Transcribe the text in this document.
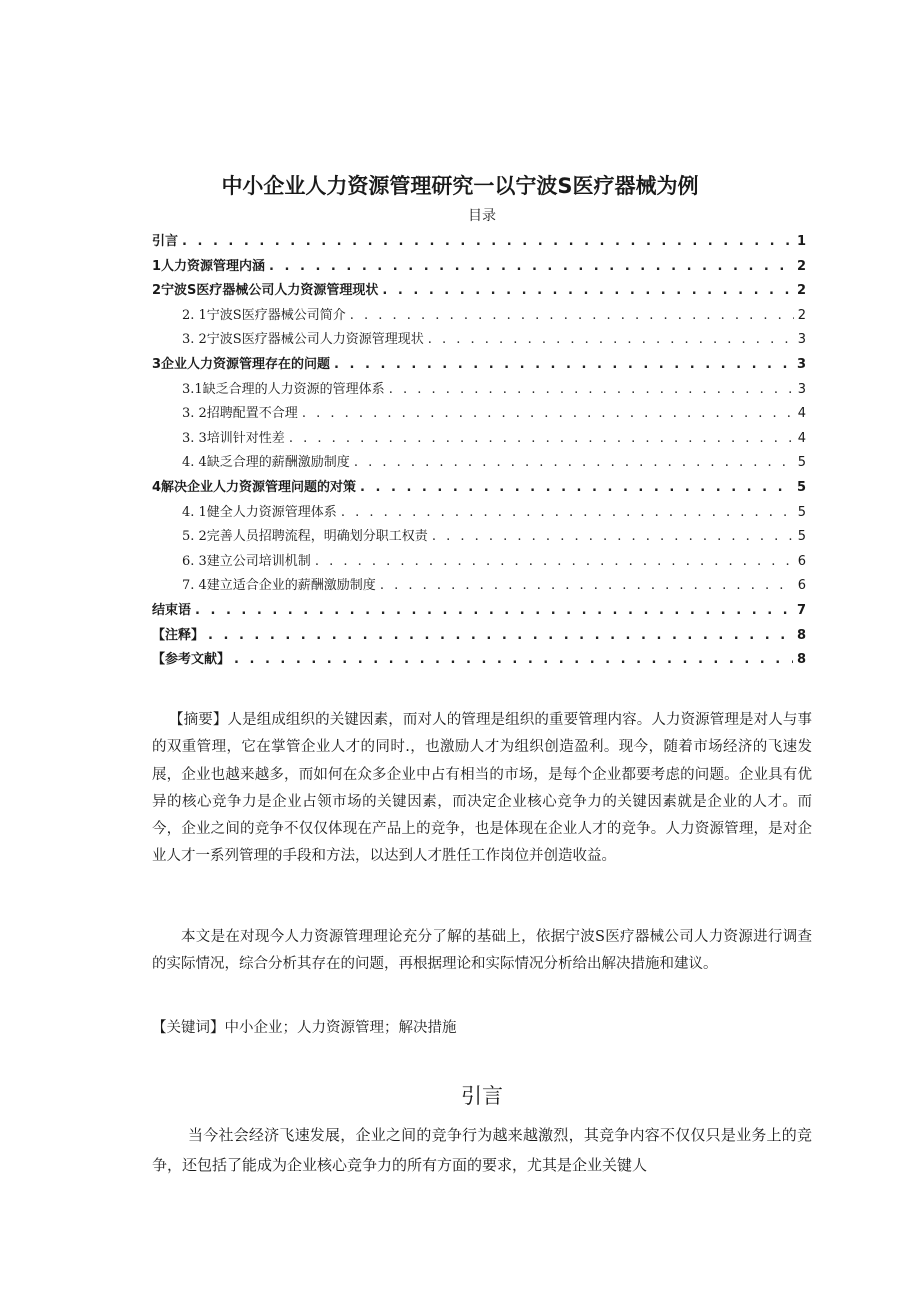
中小企业人力资源管理研究一以宁波S医疗器械为例
目录
引言 . . .	1
1人力资源管理内涵 . . .	2
2宁波S医疗器械公司人力资源管理现状 . . .	2
2. 1宁波S医疗器械公司简介 . . .	2
3. 2宁波S医疗器械公司人力资源管理现状 . . .	3
3企业人力资源管理存在的问题 . . .	3
3.1缺乏合理的人力资源的管理体系 . . .	3
3. 2招聘配置不合理 . . .	4
3. 3培训针对性差 . . .	4
4. 4缺乏合理的薪酬激励制度 . . .	5
4解决企业人力资源管理问题的对策 . . .	5
4. 1健全人力资源管理体系 . . .	5
5. 2完善人员招聘流程，明确划分职工权责 . . .	5
6. 3建立公司培训机制 . . .	6
7. 4建立适合企业的薪酬激励制度 . . .	6
结束语 . . .	7
【注释】 . . .	8
【参考文献】 . . .	8

【摘要】人是组成组织的关键因素，而对人的管理是组织的重要管理内容。人力资源管理是对人与事的双重管理，它在掌管企业人才的同时.，也激励人才为组织创造盈利。现今，随着市场经济的飞速发展，企业也越来越多，而如何在众多企业中占有相当的市场，是每个企业都要考虑的问题。企业具有优异的核心竞争力是企业占领市场的关键因素，而决定企业核心竞争力的关键因素就是企业的人才。而今，企业之间的竞争不仅仅体现在产品上的竞争，也是体现在企业人才的竞争。人力资源管理，是对企业人才一系列管理的手段和方法，以达到人才胜任工作岗位并创造收益。

本文是在对现今人力资源管理理论充分了解的基础上，依据宁波S医疗器械公司人力资源进行调查的实际情况，综合分析其存在的问题，再根据理论和实际情况分析给出解决措施和建议。

【关键词】中小企业；人力资源管理；解决措施

引言

当今社会经济飞速发展，企业之间的竞争行为越来越激烈，其竞争内容不仅仅只是业务上的竞争，还包括了能成为企业核心竞争力的所有方面的要求，尤其是企业关键人
